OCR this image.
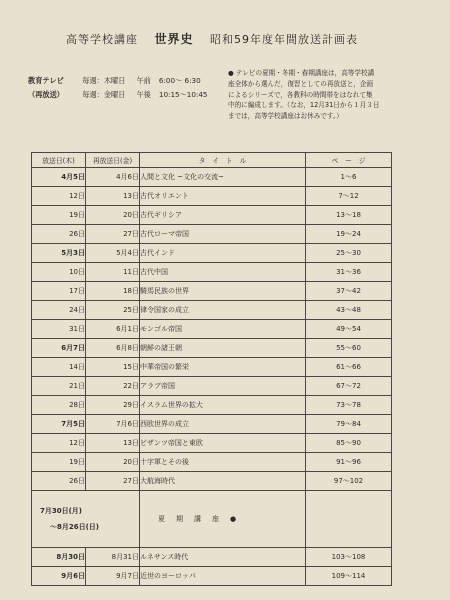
高等学校講座 世界史 昭和59年度年間放送計画表
教育テレビ	毎週：木曜日 午前 6:00〜 6:30
（再放送）	毎週：金曜日 午後 10:15〜10:45
● テレビの夏期・冬期・春期講座は，高等学校講
座全体から選んだ，復習としての再放送と，企画
によるシリーズで，各教科の時間帯をはなれて集
中的に編成します。（なお，12月31日から１月３日
までは，高等学校講座はお休みです。）
放送日(木)	再放送日(金)	タ　イ　ト　ル	ペ　ー　ジ
4月5日	4月6日	人間と文化 ~文化の交流~	1〜6
12日	13日	古代オリエント	7〜12
19日	20日	古代ギリシア	13〜18
26日	27日	古代ローマ帝国	19〜24
5月3日	5月4日	古代インド	25〜30
10日	11日	古代中国	31〜36
17日	18日	騎馬民族の世界	37〜42
24日	25日	律令国家の成立	43〜48
31日	6月1日	モンゴル帝国	49〜54
6月7日	6月8日	朝鮮の諸王朝	55〜60
14日	15日	中華帝国の繁栄	61〜66
21日	22日	アラブ帝国	67〜72
28日	29日	イスラム世界の拡大	73〜78
7月5日	7月6日	西欧世界の成立	79〜84
12日	13日	ビザンツ帝国と東欧	85〜90
19日	20日	十字軍とその後	91〜96
26日	27日	大航海時代	97〜102

7月30日(月)
〜8月26日(日)		夏　期　講　座　●	
8月30日	8月31日	ルネサンス時代	103〜108
9月6日	9月7日	近世のヨーロッパ	109〜114
